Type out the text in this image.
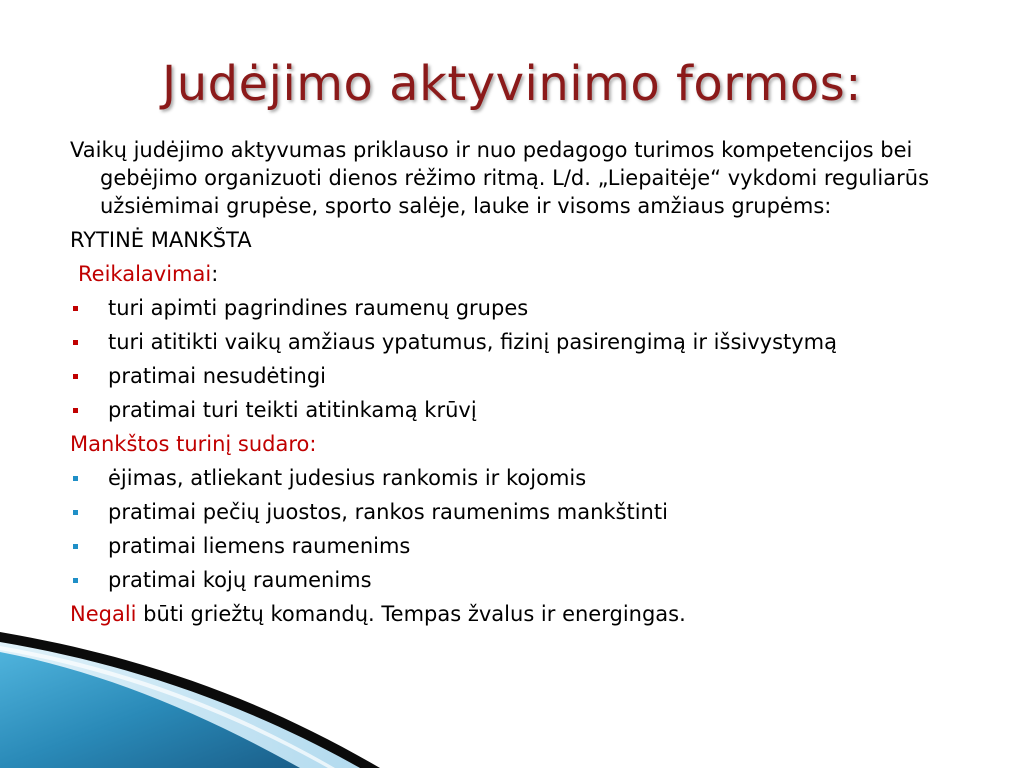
Judėjimo aktyvinimo formos:

Vaikų judėjimo aktyvumas priklauso ir nuo pedagogo turimos kompetencijos bei gebėjimo organizuoti dienos rėžimo ritmą. L/d. „Liepaitėje“ vykdomi reguliarūs užsiėmimai grupėse, sporto salėje, lauke ir visoms amžiaus grupėms:

RYTINĖ MANKŠTA

Reikalavimai:

turi apimti pagrindines raumenų grupes
turi atitikti vaikų amžiaus ypatumus, fizinį pasirengimą ir išsivystymą
pratimai nesudėtingi
pratimai turi teikti atitinkamą krūvį

Mankštos turinį sudaro:

ėjimas, atliekant judesius rankomis ir kojomis
pratimai pečių juostos, rankos raumenims mankštinti
pratimai liemens raumenims
pratimai kojų raumenims

Negali būti griežtų komandų. Tempas žvalus ir energingas.
